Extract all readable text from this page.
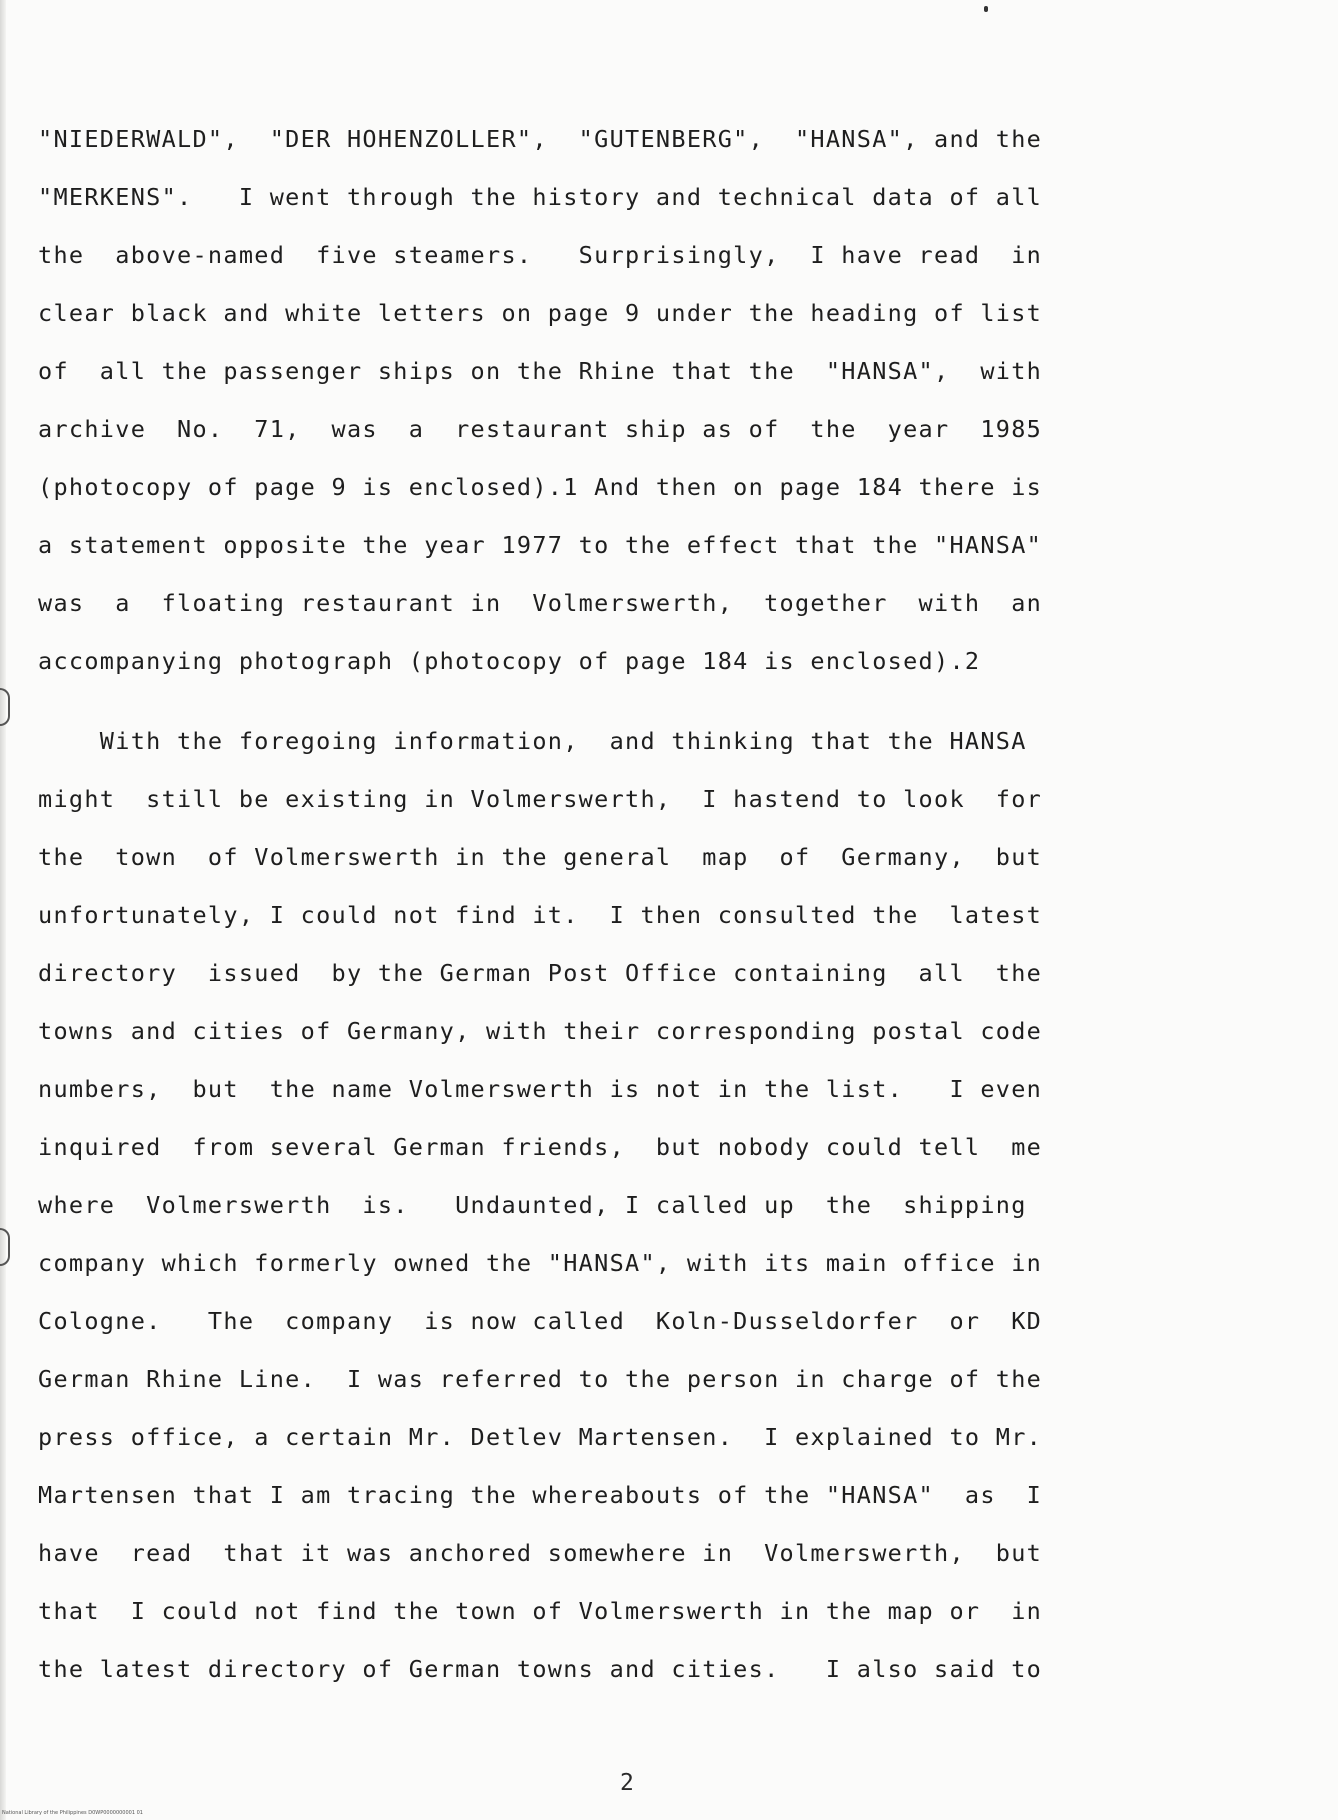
"NIEDERWALD",  "DER HOHENZOLLER",  "GUTENBERG",  "HANSA", and the
"MERKENS".   I went through the history and technical data of all
the  above-named  five steamers.   Surprisingly,  I have read  in
clear black and white letters on page 9 under the heading of list
of  all the passenger ships on the Rhine that the  "HANSA",  with
archive  No.  71,  was  a  restaurant ship as of  the  year  1985
(photocopy of page 9 is enclosed).1 And then on page 184 there is
a statement opposite the year 1977 to the effect that the "HANSA"
was  a  floating restaurant in  Volmerswerth,  together  with  an
accompanying photograph (photocopy of page 184 is enclosed).2
With the foregoing information,  and thinking that the HANSA
might  still be existing in Volmerswerth,  I hastend to look  for
the  town  of Volmerswerth in the general  map  of  Germany,  but
unfortunately, I could not find it.  I then consulted the  latest
directory  issued  by the German Post Office containing  all  the
towns and cities of Germany, with their corresponding postal code
numbers,  but  the name Volmerswerth is not in the list.   I even
inquired  from several German friends,  but nobody could tell  me
where  Volmerswerth  is.   Undaunted, I called up  the  shipping
company which formerly owned the "HANSA", with its main office in
Cologne.   The  company  is now called  Koln-Dusseldorfer  or  KD
German Rhine Line.  I was referred to the person in charge of the
press office, a certain Mr. Detlev Martensen.  I explained to Mr.
Martensen that I am tracing the whereabouts of the "HANSA"  as  I
have  read  that it was anchored somewhere in  Volmerswerth,  but
that  I could not find the town of Volmerswerth in the map or  in
the latest directory of German towns and cities.   I also said to
2
National Library of the Philippines D0WP0000000001 01
